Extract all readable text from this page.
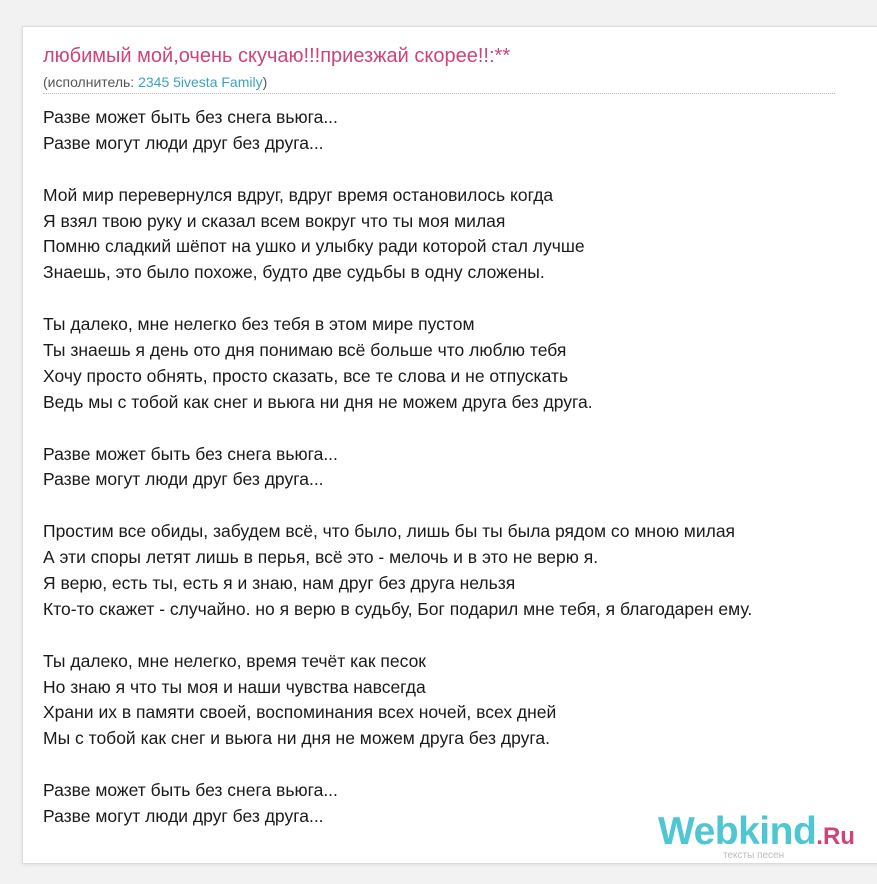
любимый мой,очень скучаю!!!приезжай скорее!!:**
(исполнитель: 2345 5ivesta Family)
Разве может быть без снега вьюга...
Разве могут люди друг без друга...
Мой мир перевернулся вдруг, вдруг время остановилось когда
Я взял твою руку и сказал всем вокруг что ты моя милая
Помню сладкий шёпот на ушко и улыбку ради которой стал лучше
Знаешь, это было похоже, будто две судьбы в одну сложены.
Ты далеко, мне нелегко без тебя в этом мире пустом
Ты знаешь я день ото дня понимаю всё больше что люблю тебя
Хочу просто обнять, просто сказать, все те слова и не отпускать
Ведь мы с тобой как снег и вьюга ни дня не можем друга без друга.
Разве может быть без снега вьюга...
Разве могут люди друг без друга...
Простим все обиды, забудем всё, что было, лишь бы ты была рядом со мною милая
А эти споры летят лишь в перья, всё это - мелочь и в это не верю я.
Я верю, есть ты, есть я и знаю, нам друг без друга нельзя
Кто-то скажет - случайно. но я верю в судьбу, Бог подарил мне тебя, я благодарен ему.
Ты далеко, мне нелегко, время течёт как песок
Но знаю я что ты моя и наши чувства навсегда
Храни их в памяти своей, воспоминания всех ночей, всех дней
Мы с тобой как снег и вьюга ни дня не можем друга без друга.
Разве может быть без снега вьюга...
Разве могут люди друг без друга...	Webkind.Ru
тексты песен
